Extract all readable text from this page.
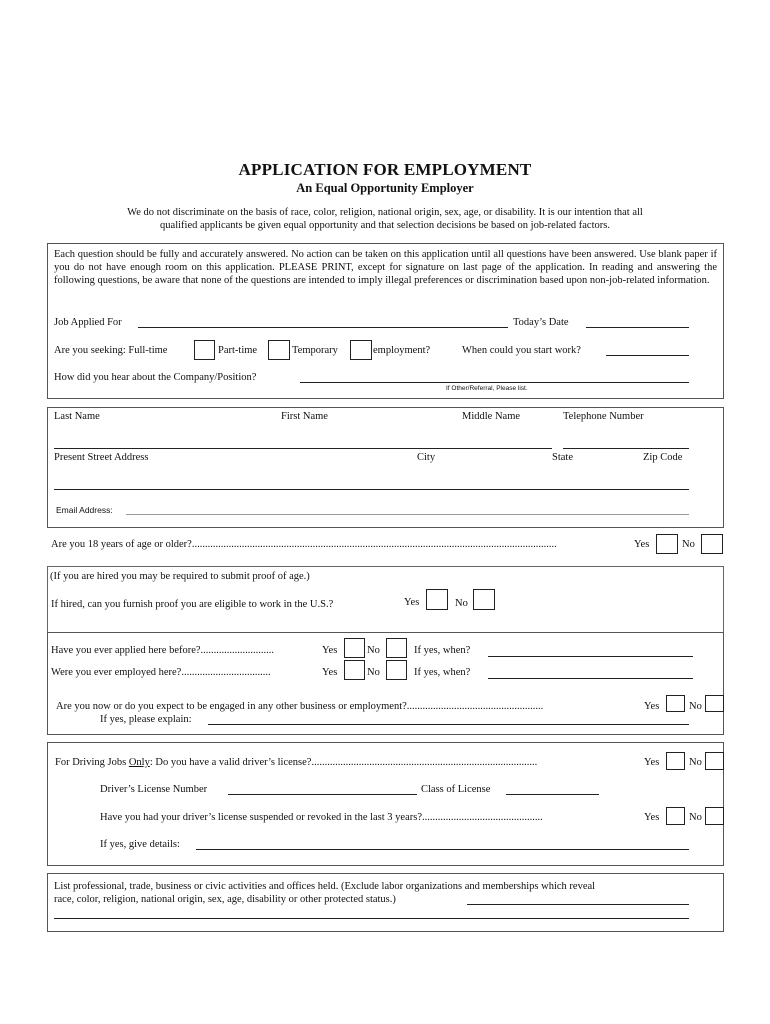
APPLICATION FOR EMPLOYMENT
An Equal Opportunity Employer
We do not discriminate on the basis of race, color, religion, national origin, sex, age, or disability. It is our intention that all
qualified applicants be given equal opportunity and that selection decisions be based on job-related factors.
Each question should be fully and accurately answered. No action can be taken on this application until all questions have been answered. Use blank paper if you do not have enough room on this application. PLEASE PRINT, except for signature on last page of the application. In reading and answering the following questions, be aware that none of the questions are intended to imply illegal preferences or discrimination based upon non-job-related information.
Job Applied For	Today’s Date
Are you seeking: Full-time	Part-time	Temporary	employment?	When could you start work?
How did you hear about the Company/Position?
If Other/Referral, Please list.
Last Name	First Name	Middle Name	Telephone Number
Present Street Address	City	State	Zip Code
Email Address:
Are you 18 years of age or older?...........................................................................................................................................	Yes	No
(If you are hired you may be required to submit proof of age.)
If hired, can you furnish proof you are eligible to work in the U.S.?	Yes	No
Have you ever applied here before?............................	Yes	No	If yes, when?
Were you ever employed here?..................................	Yes	No	If yes, when?
Are you now or do you expect to be engaged in any other business or employment?....................................................	Yes	No
If yes, please explain:
For Driving Jobs Only: Do you have a valid driver’s license?......................................................................................	Yes	No
Driver’s License Number	Class of License
Have you had your driver’s license suspended or revoked in the last 3 years?..............................................	Yes	No
If yes, give details:
List professional, trade, business or civic activities and offices held. (Exclude labor organizations and memberships which reveal
race, color, religion, national origin, sex, age, disability or other protected status.)
